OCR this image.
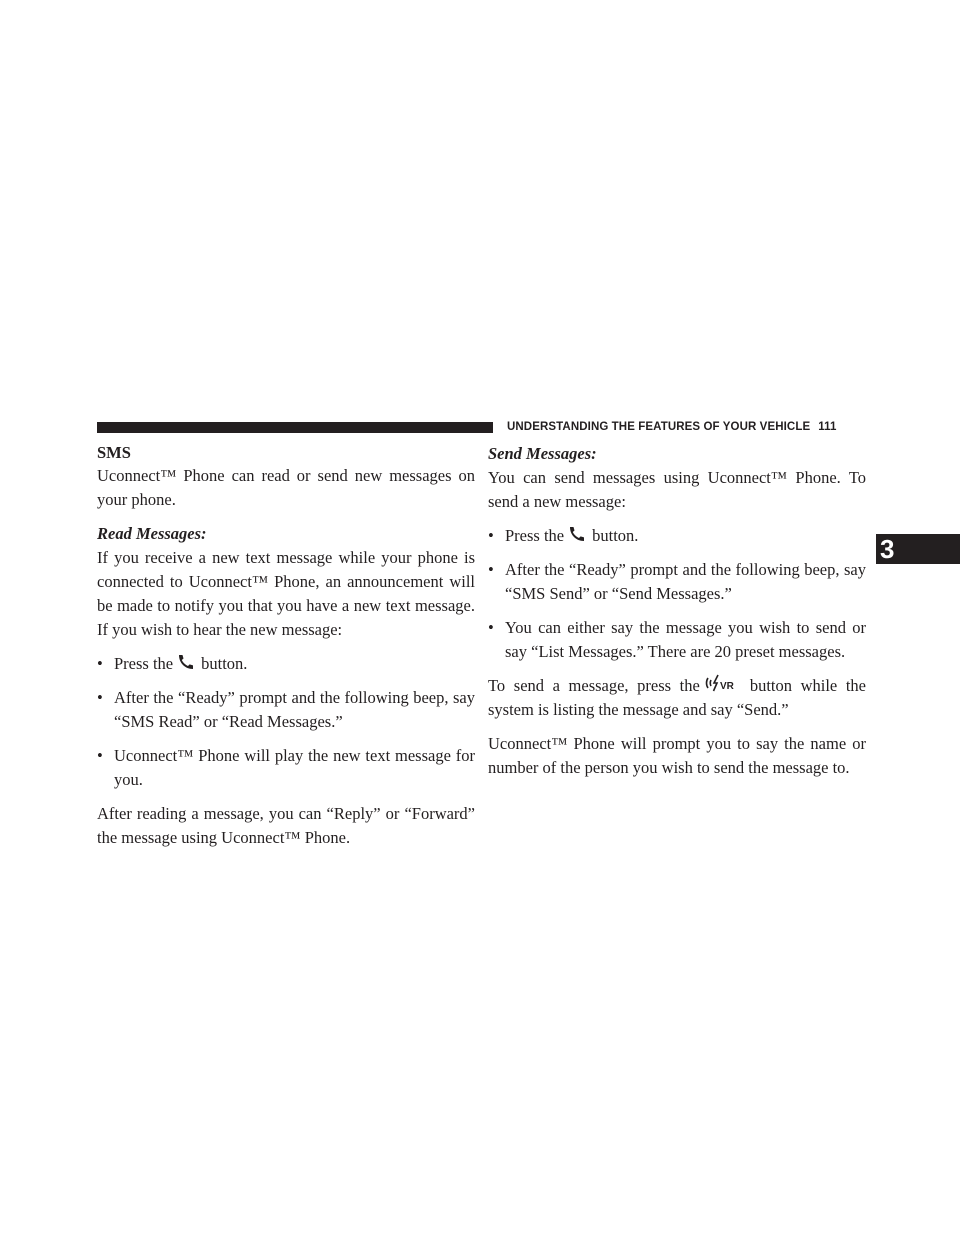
UNDERSTANDING THE FEATURES OF YOUR VEHICLE 111
3
SMS

Uconnect™ Phone can read or send new messages on your phone.

Read Messages:

If you receive a new text message while your phone is connected to Uconnect™ Phone, an announcement will be made to notify you that you have a new text message. If you wish to hear the new message:

• Press the button.
• After the “Ready” prompt and the following beep, say “SMS Read” or “Read Messages.”
• Uconnect™ Phone will play the new text message for you.

After reading a message, you can “Reply” or “Forward” the message using Uconnect™ Phone.

Send Messages:

You can send messages using Uconnect™ Phone. To send a new message:

• Press the button.
• After the “Ready” prompt and the following beep, say “SMS Send” or “Send Messages.”
• You can either say the message you wish to send or say “List Messages.” There are 20 preset messages.

To send a message, press the VR button while the system is listing the message and say “Send.”

Uconnect™ Phone will prompt you to say the name or number of the person you wish to send the message to.
